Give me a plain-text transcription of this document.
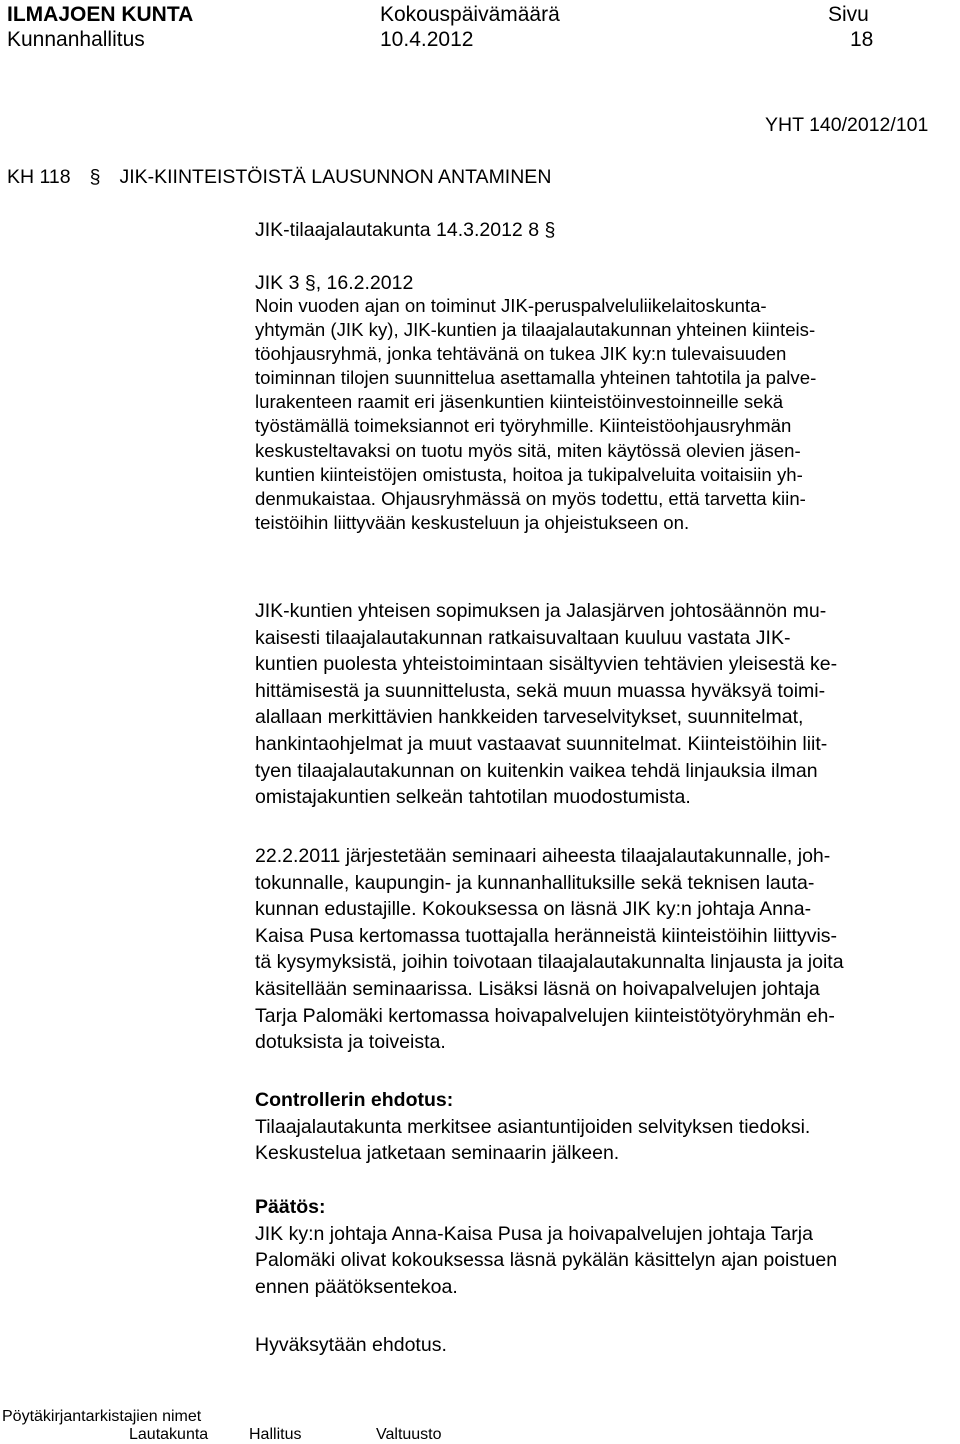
ILMAJOEN KUNTA
Kunnanhallitus
Kokouspäivämäärä
10.4.2012
Sivu
18
YHT 140/2012/101
KH 118 § JIK-KIINTEISTÖISTÄ LAUSUNNON ANTAMINEN
JIK-tilaajalautakunta 14.3.2012 8 §
JIK 3 §, 16.2.2012
Noin vuoden ajan on toiminut JIK-peruspalveluliikelaitoskunta-
yhtymän (JIK ky), JIK-kuntien ja tilaajalautakunnan yhteinen kiinteis-
töohjausryhmä, jonka tehtävänä on tukea JIK ky:n tulevaisuuden
toiminnan tilojen suunnittelua asettamalla yhteinen tahtotila ja palve-
lurakenteen raamit eri jäsenkuntien kiinteistöinvestoinneille sekä
työstämällä toimeksiannot eri työryhmille. Kiinteistöohjausryhmän
keskusteltavaksi on tuotu myös sitä, miten käytössä olevien jäsen-
kuntien kiinteistöjen omistusta, hoitoa ja tukipalveluita voitaisiin yh-
denmukaistaa. Ohjausryhmässä on myös todettu, että tarvetta kiin-
teistöihin liittyvään keskusteluun ja ohjeistukseen on.
JIK-kuntien yhteisen sopimuksen ja Jalasjärven johtosäännön mu-
kaisesti tilaajalautakunnan ratkaisuvaltaan kuuluu vastata JIK-
kuntien puolesta yhteistoimintaan sisältyvien tehtävien yleisestä ke-
hittämisestä ja suunnittelusta, sekä muun muassa hyväksyä toimi-
alallaan merkittävien hankkeiden tarveselvitykset, suunnitelmat,
hankintaohjelmat ja muut vastaavat suunnitelmat. Kiinteistöihin liit-
tyen tilaajalautakunnan on kuitenkin vaikea tehdä linjauksia ilman
omistajakuntien selkeän tahtotilan muodostumista.
22.2.2011 järjestetään seminaari aiheesta tilaajalautakunnalle, joh-
tokunnalle, kaupungin- ja kunnanhallituksille sekä teknisen lauta-
kunnan edustajille. Kokouksessa on läsnä JIK ky:n johtaja Anna-
Kaisa Pusa kertomassa tuottajalla heränneistä kiinteistöihin liittyvis-
tä kysymyksistä, joihin toivotaan tilaajalautakunnalta linjausta ja joita
käsitellään seminaarissa. Lisäksi läsnä on hoivapalvelujen johtaja
Tarja Palomäki kertomassa hoivapalvelujen kiinteistötyöryhmän eh-
dotuksista ja toiveista.
Controllerin ehdotus:
Tilaajalautakunta merkitsee asiantuntijoiden selvityksen tiedoksi.
Keskustelua jatketaan seminaarin jälkeen.
Päätös:
JIK ky:n johtaja Anna-Kaisa Pusa ja hoivapalvelujen johtaja Tarja
Palomäki olivat kokouksessa läsnä pykälän käsittelyn ajan poistuen
ennen päätöksentekoa.
Hyväksytään ehdotus.
Pöytäkirjantarkistajien nimet
Lautakunta	Hallitus	Valtuusto
